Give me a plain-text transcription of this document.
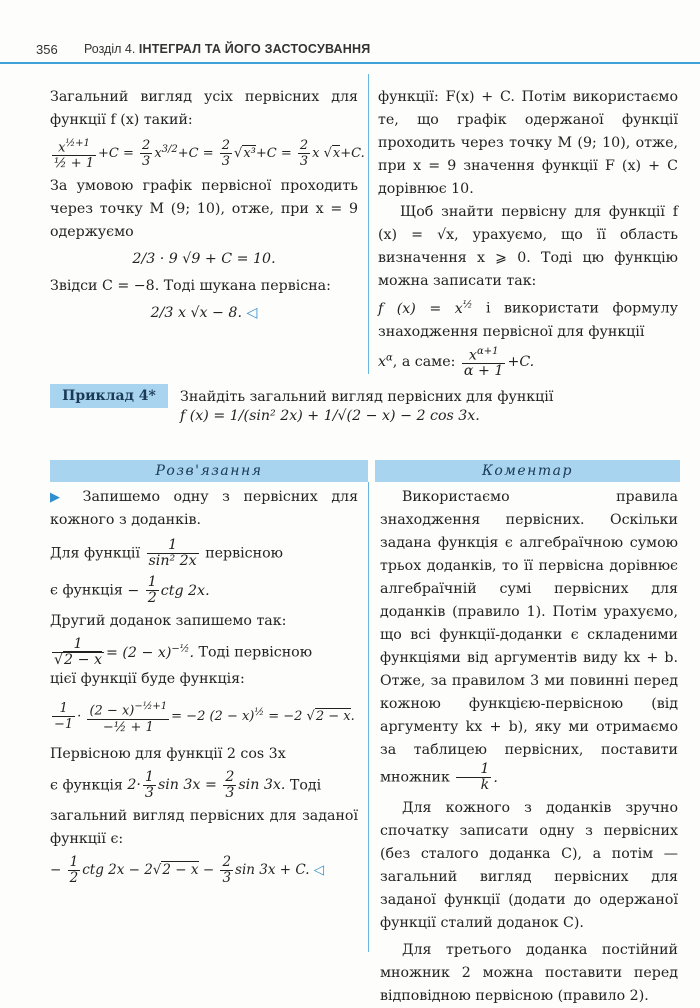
356 Розділ 4. ІНТЕГРАЛ ТА ЙОГО ЗАСТОСУВАННЯ

Загальний вигляд усіх первісних для функції f (x) такий:

$\frac{x^{\frac{1}{2}+1}}{\text{½ + 1}} +C = \frac{2}{3} x^{3/2}+C = \frac{2}{3} √x^3+C = \frac{2}{3}$ x √x+C.

За умовою графік первісної проходить через точку M (9; 10), отже, при x = 9 одержуємо

2/3 · 9 √9 + C = 10.

Звідси C = −8. Тоді шукана первісна:

2/3 x √x − 8. ◁

функції: F(x) + C. Потім використаємо те, що графік одержаної функції проходить через точку M (9; 10), отже, при x = 9 значення функції F (x) + C дорівнює 10.

Щоб знайти первісну для функції f (x) = √x, урахуємо, що її область визначення x ⩾ 0. Тоді цю функцію можна записати так:

f $(x) = x^{\frac{1}{2}}$ і використати формулу знаходження первісної для функції

$x^\alpha$, а саме: $\frac{x^{\alpha+1}}{\alpha + 1} +C$.

Приклад 4*	Знайдіть загальний вигляд первісних для функції
f (x) = 1/(sin² 2x) + 1/√(2 − x) − 2 cos 3x.
Розв'язання	Коментар

▶ Запишемо одну з первісних для кожного з доданків.

Для функції $\frac{1}{\text{sin² 2x}}$ первісною

є функція − $\frac{1}{2}$ ctg 2x.

Другий доданок запишемо так:

$\frac{1}{√2 - x} = (2 - x)^{-\frac{1}{2}}$. Тоді первісною

цієї функції буде функція:

$\frac{1}{-1} \cdot \frac{(2 - x)^{-\frac{1}{2}+1}}{\text{−½ + 1}} = -2$ $(2 - x)^{\frac{1}{2}} = -2$ √2 − x.

Первісною для функції 2 cos 3x

є функція $2\cdot \frac{1}{3}$ $\sin 3x = \frac{2}{3}$ sin 3x. Тоді

загальний вигляд первісних для заданої функції є:

− $\frac{1}{2}$ ctg $2x - 2√2 - x - \frac{2}{3}$ sin 3x + C. ◁

Використаємо правила знаходження первісних. Оскільки задана функція є алгебраїчною сумою трьох доданків, то її первісна дорівнює алгебраїчній сумі первісних для доданків (правило 1). Потім урахуємо, що всі функції-доданки є складеними функціями від аргументів виду kx + b. Отже, за правилом 3 ми повинні перед кожною функцією-первісною (від аргументу kx + b), яку ми отримаємо за таблицею первісних, поставити множник $\frac{1}{k}$ .

Для кожного з доданків зручно спочатку записати одну з первісних (без сталого доданка C), а потім — загальний вигляд первісних для заданої функції (додати до одержаної функції сталий доданок C).

Для третього доданка постійний множник 2 можна поставити перед відповідною первісною (правило 2).
